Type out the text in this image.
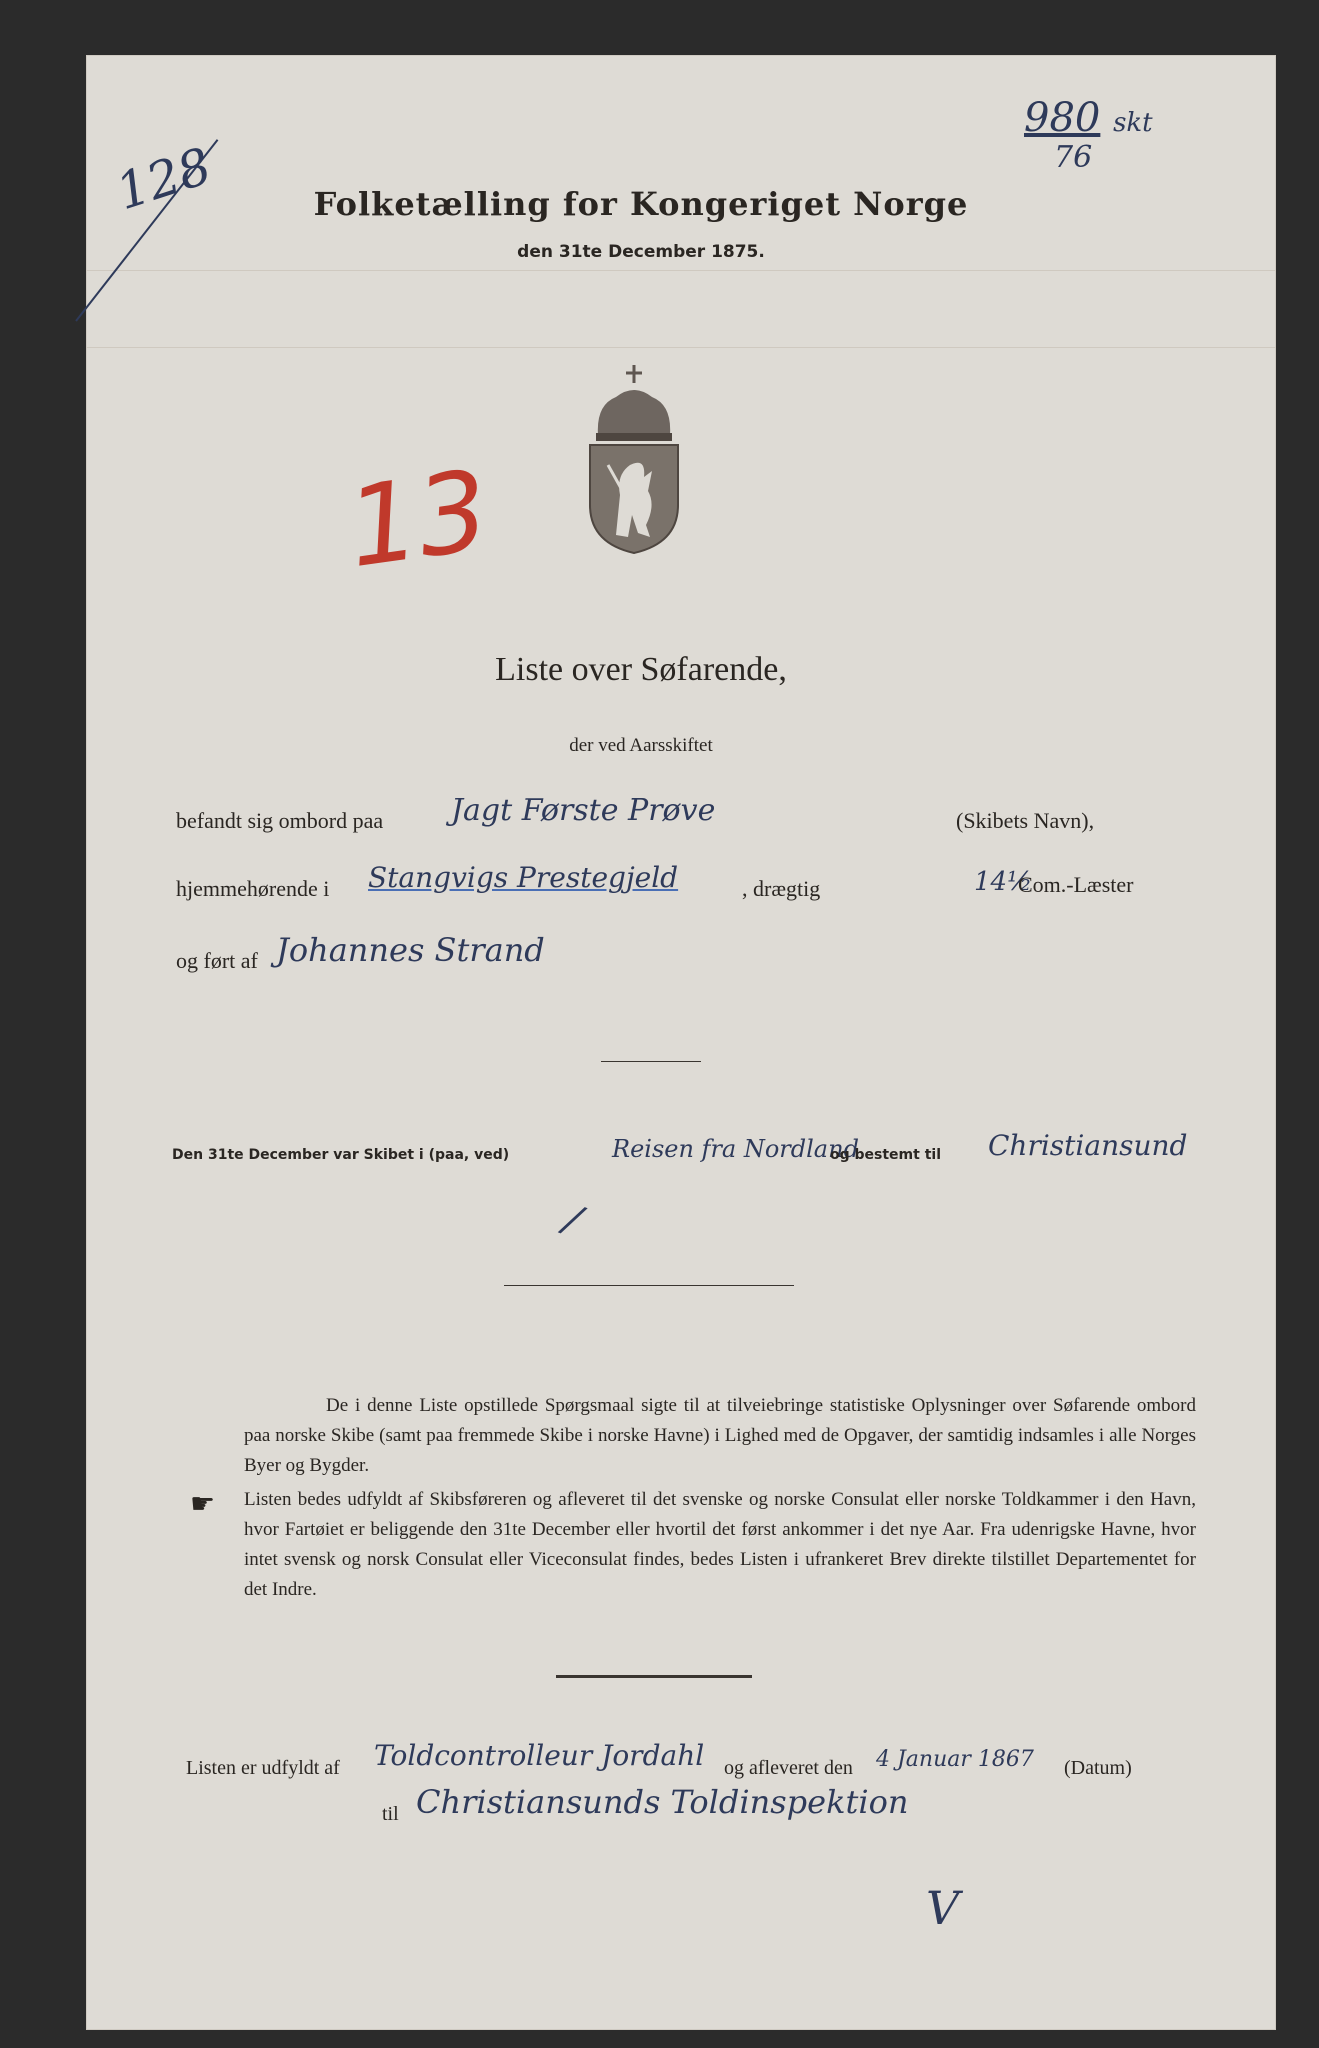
128
980 skt
76
Folketælling for Kongeriget Norge
den 31te December 1875.
13
Liste over Søfarende,
der ved Aarsskiftet
befandt sig ombord paa Jagt Første Prøve	(Skibets Navn),
hjemmehørende i Stangvigs Prestegjeld	, drægtig	14½
Com.-Læster
og ført af Johannes Strand
Den 31te December var Skibet i (paa, ved)	Reisen fra Nordland
og bestemt til Christiansund
/
De i denne Liste opstillede Spørgsmaal sigte til at tilveiebringe statistiske Oplysninger over Søfarende ombord paa norske Skibe (samt paa fremmede Skibe i norske Havne) i Lighed med de Opgaver, der samtidig indsamles i alle Norges Byer og Bygder.
☛ Listen bedes udfyldt af Skibsføreren og afleveret til det svenske og norske Consulat eller norske Toldkammer i den Havn, hvor Fartøiet er beliggende den 31te December eller hvortil det først ankommer i det nye Aar. Fra udenrigske Havne, hvor intet svensk og norsk Consulat eller Viceconsulat findes, bedes Listen i ufrankeret Brev direkte tilstillet Departementet for det Indre.
Listen er udfyldt af Toldcontrolleur Jordahl og afleveret den 4 Januar 1867 (Datum)
til Christiansunds Toldinspektion
V
